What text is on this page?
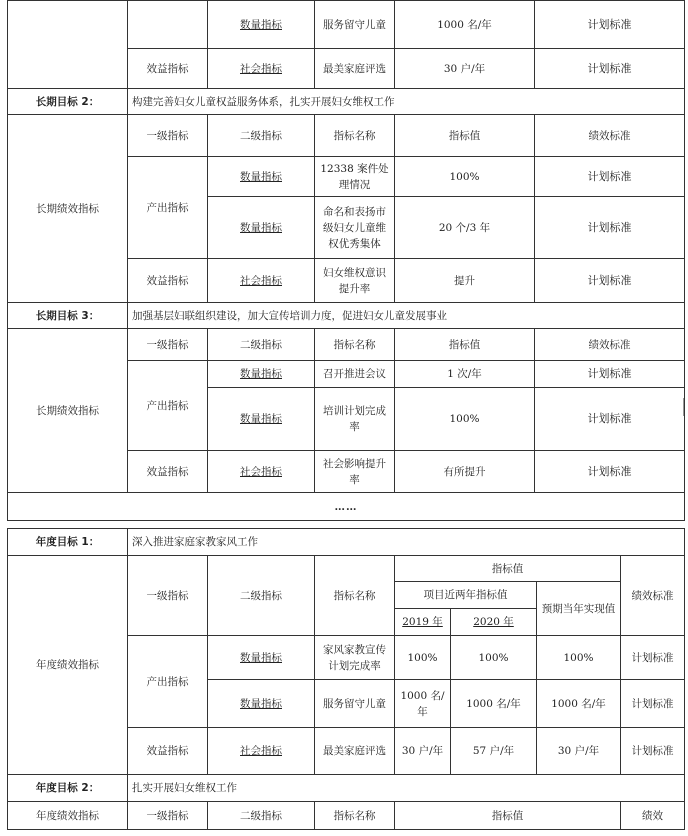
		数量指标	服务留守儿童	1000 名/年	计划标准
	效益指标	社会指标	最美家庭评选	30 户/年	计划标准
长期目标 2：	构建完善妇女儿童权益服务体系，扎实开展妇女维权工作				
长期绩效指标	一级指标	二级指标	指标名称	指标值	绩效标准
	产出指标	数量指标	12338 案件处理情况	100%	计划标准
		数量指标	命名和表扬市级妇女儿童维权优秀集体	20 个/3 年	计划标准
	效益指标	社会指标	妇女维权意识提升率	提升	计划标准
长期目标 3：	加强基层妇联组织建设，加大宣传培训力度，促进妇女儿童发展事业				
长期绩效指标	一级指标	二级指标	指标名称	指标值	绩效标准
	产出指标	数量指标	召开推进会议	1 次/年	计划标准
		数量指标	培训计划完成率	100%	计划标准
	效益指标	社会指标	社会影响提升率	有所提升	计划标准
……					
年度目标 1：	深入推进家庭家教家风工作						
年度绩效指标	一级指标	二级指标	指标名称	指标值			绩效标准
				项目近两年指标值		预期当年实现值	
				2019 年	2020 年		
	产出指标	数量指标	家风家教宣传计划完成率	100%	100%	100%	计划标准
		数量指标	服务留守儿童	1000 名/年	1000 名/年	1000 名/年	计划标准
	效益指标	社会指标	最美家庭评选	30 户/年	57 户/年	30 户/年	计划标准
年度目标 2：	扎实开展妇女维权工作						
年度绩效指标	一级指标	二级指标	指标名称	指标值			绩效
